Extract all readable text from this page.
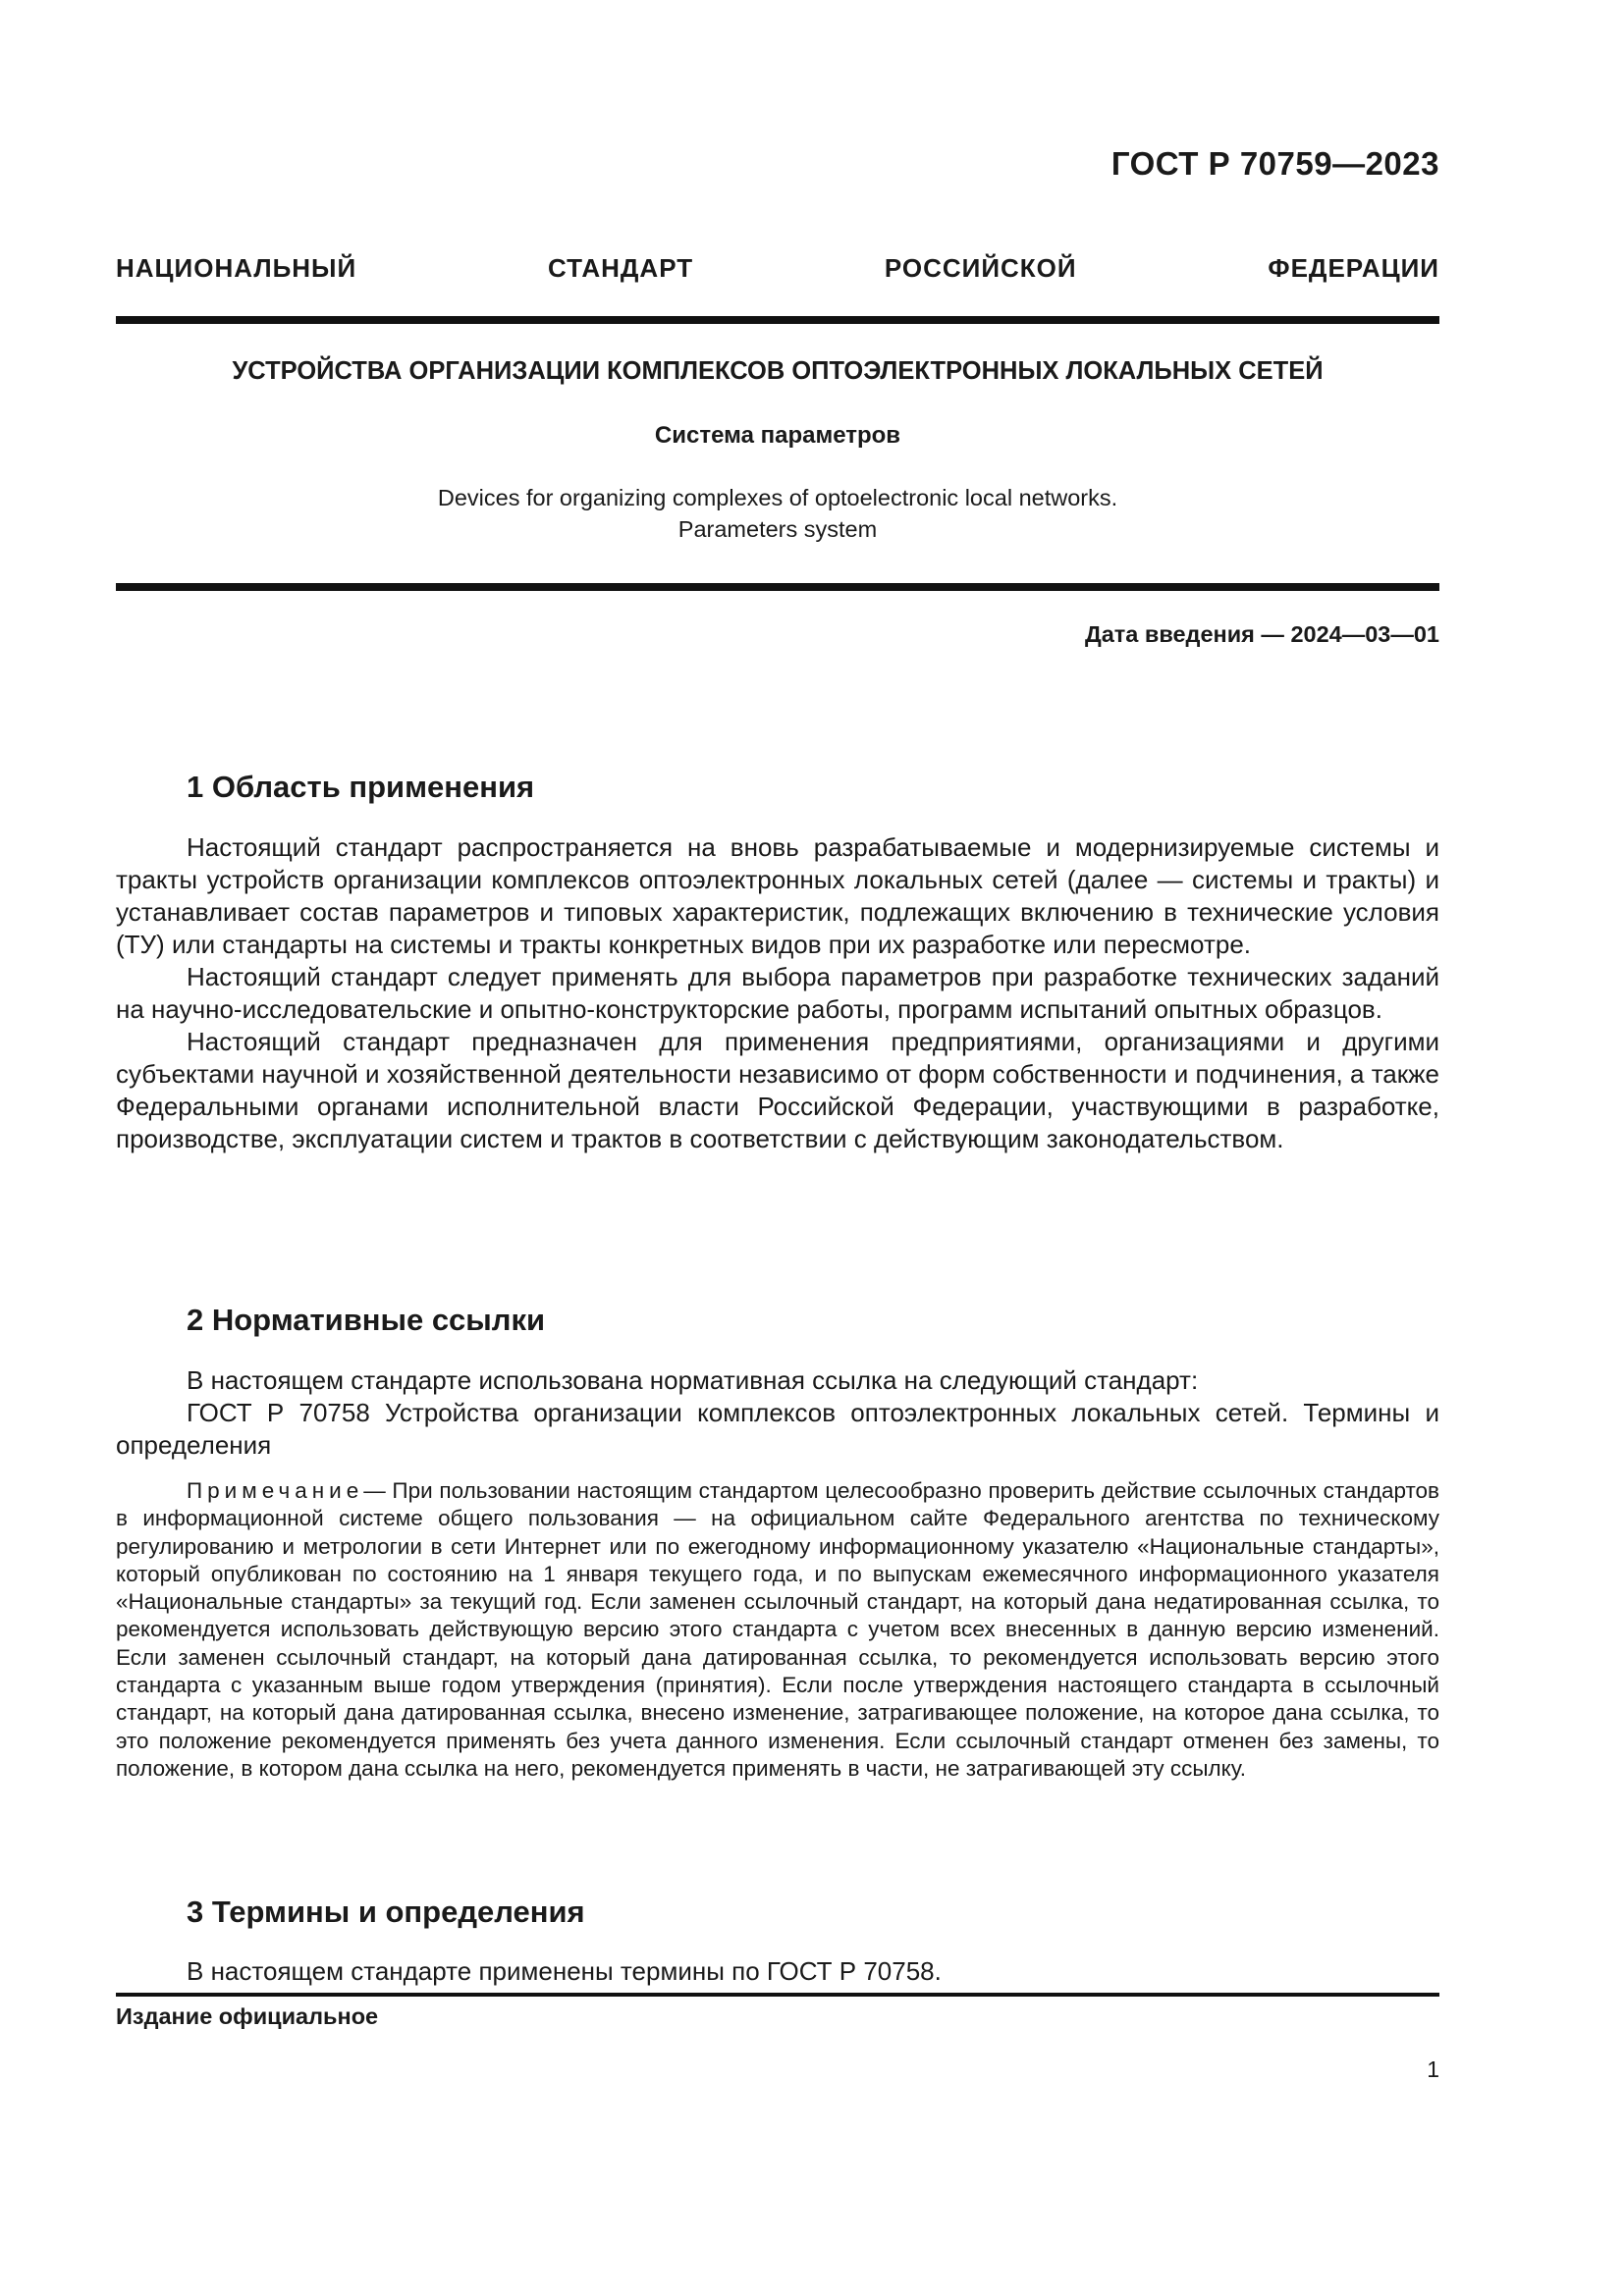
ГОСТ Р 70759—2023
НАЦИОНАЛЬНЫЙ СТАНДАРТ РОССИЙСКОЙ ФЕДЕРАЦИИ
УСТРОЙСТВА ОРГАНИЗАЦИИ КОМПЛЕКСОВ ОПТОЭЛЕКТРОННЫХ ЛОКАЛЬНЫХ СЕТЕЙ
Система параметров
Devices for organizing complexes of optoelectronic local networks.
Parameters system
Дата введения — 2024—03—01
1 Область применения

Настоящий стандарт распространяется на вновь разрабатываемые и модернизируемые системы и тракты устройств организации комплексов оптоэлектронных локальных сетей (далее — системы и тракты) и устанавливает состав параметров и типовых характеристик, подлежащих включению в технические условия (ТУ) или стандарты на системы и тракты конкретных видов при их разработке или пересмотре.

Настоящий стандарт следует применять для выбора параметров при разработке технических заданий на научно-исследовательские и опытно-конструкторские работы, программ испытаний опытных образцов.

Настоящий стандарт предназначен для применения предприятиями, организациями и другими субъектами научной и хозяйственной деятельности независимо от форм собственности и подчинения, а также Федеральными органами исполнительной власти Российской Федерации, участвующими в разработке, производстве, эксплуатации систем и трактов в соответствии с действующим законодательством.

2 Нормативные ссылки

В настоящем стандарте использована нормативная ссылка на следующий стандарт:

ГОСТ Р 70758 Устройства организации комплексов оптоэлектронных локальных сетей. Термины и определения

Примечание— При пользовании настоящим стандартом целесообразно проверить действие ссылочных стандартов в информационной системе общего пользования — на официальном сайте Федерального агентства по техническому регулированию и метрологии в сети Интернет или по ежегодному информационному указателю «Национальные стандарты», который опубликован по состоянию на 1 января текущего года, и по выпускам ежемесячного информационного указателя «Национальные стандарты» за текущий год. Если заменен ссылочный стандарт, на который дана недатированная ссылка, то рекомендуется использовать действующую версию этого стандарта с учетом всех внесенных в данную версию изменений. Если заменен ссылочный стандарт, на который дана датированная ссылка, то рекомендуется использовать версию этого стандарта с указанным выше годом утверждения (принятия). Если после утверждения настоящего стандарта в ссылочный стандарт, на который дана датированная ссылка, внесено изменение, затрагивающее положение, на которое дана ссылка, то это положение рекомендуется применять без учета данного изменения. Если ссылочный стандарт отменен без замены, то положение, в котором дана ссылка на него, рекомендуется применять в части, не затрагивающей эту ссылку.

3 Термины и определения

В настоящем стандарте применены термины по ГОСТ Р 70758.

Издание официальное
1
